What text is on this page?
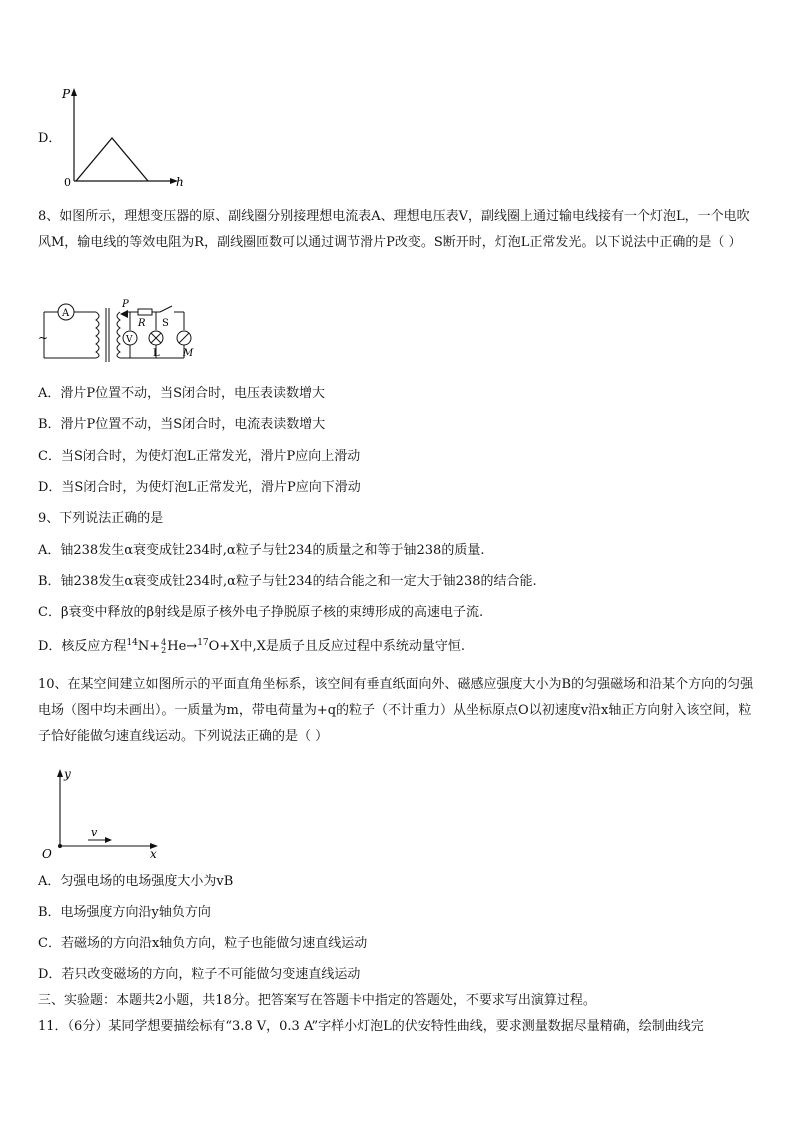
D．
P
h
0
8、如图所示，理想变压器的原、副线圈分别接理想电流表A、理想电压表V，副线圈上通过输电线接有一个灯泡L，一个电吹风M，输电线的等效电阻为R，副线圈匝数可以通过调节滑片P改变。S断开时，灯泡L正常发光。以下说法中正确的是（ ）
A
~
P
R S
V
L M
A．滑片P位置不动，当S闭合时，电压表读数增大
B．滑片P位置不动，当S闭合时，电流表读数增大
C．当S闭合时，为使灯泡L正常发光，滑片P应向上滑动
D．当S闭合时，为使灯泡L正常发光，滑片P应向下滑动
9、下列说法正确的是
A．铀238发生α衰变成钍234时,α粒子与钍234的质量之和等于铀238的质量.
B．铀238发生α衰变成钍234时,α粒子与钍234的结合能之和一定大于铀238的结合能.
C．β衰变中释放的β射线是原子核外电子挣脱原子核的束缚形成的高速电子流.
D．核反应方程$^{14}$N+4
2He→$^{17}$O+X中,X是质子且反应过程中系统动量守恒.
10、在某空间建立如图所示的平面直角坐标系，该空间有垂直纸面向外、磁感应强度大小为B的匀强磁场和沿某个方向的匀强电场（图中均未画出）。一质量为m，带电荷量为+q的粒子（不计重力）从坐标原点O以初速度v沿x轴正方向射入该空间，粒子恰好能做匀速直线运动。下列说法正确的是（ ）
y
x
O
v
A．匀强电场的电场强度大小为vB
B．电场强度方向沿y轴负方向
C．若磁场的方向沿x轴负方向，粒子也能做匀速直线运动
D．若只改变磁场的方向，粒子不可能做匀变速直线运动
三、实验题：本题共2小题，共18分。把答案写在答题卡中指定的答题处，不要求写出演算过程。
11．（6分）某同学想要描绘标有“3.8 V，0.3 A”字样小灯泡L的伏安特性曲线，要求测量数据尽量精确，绘制曲线完
